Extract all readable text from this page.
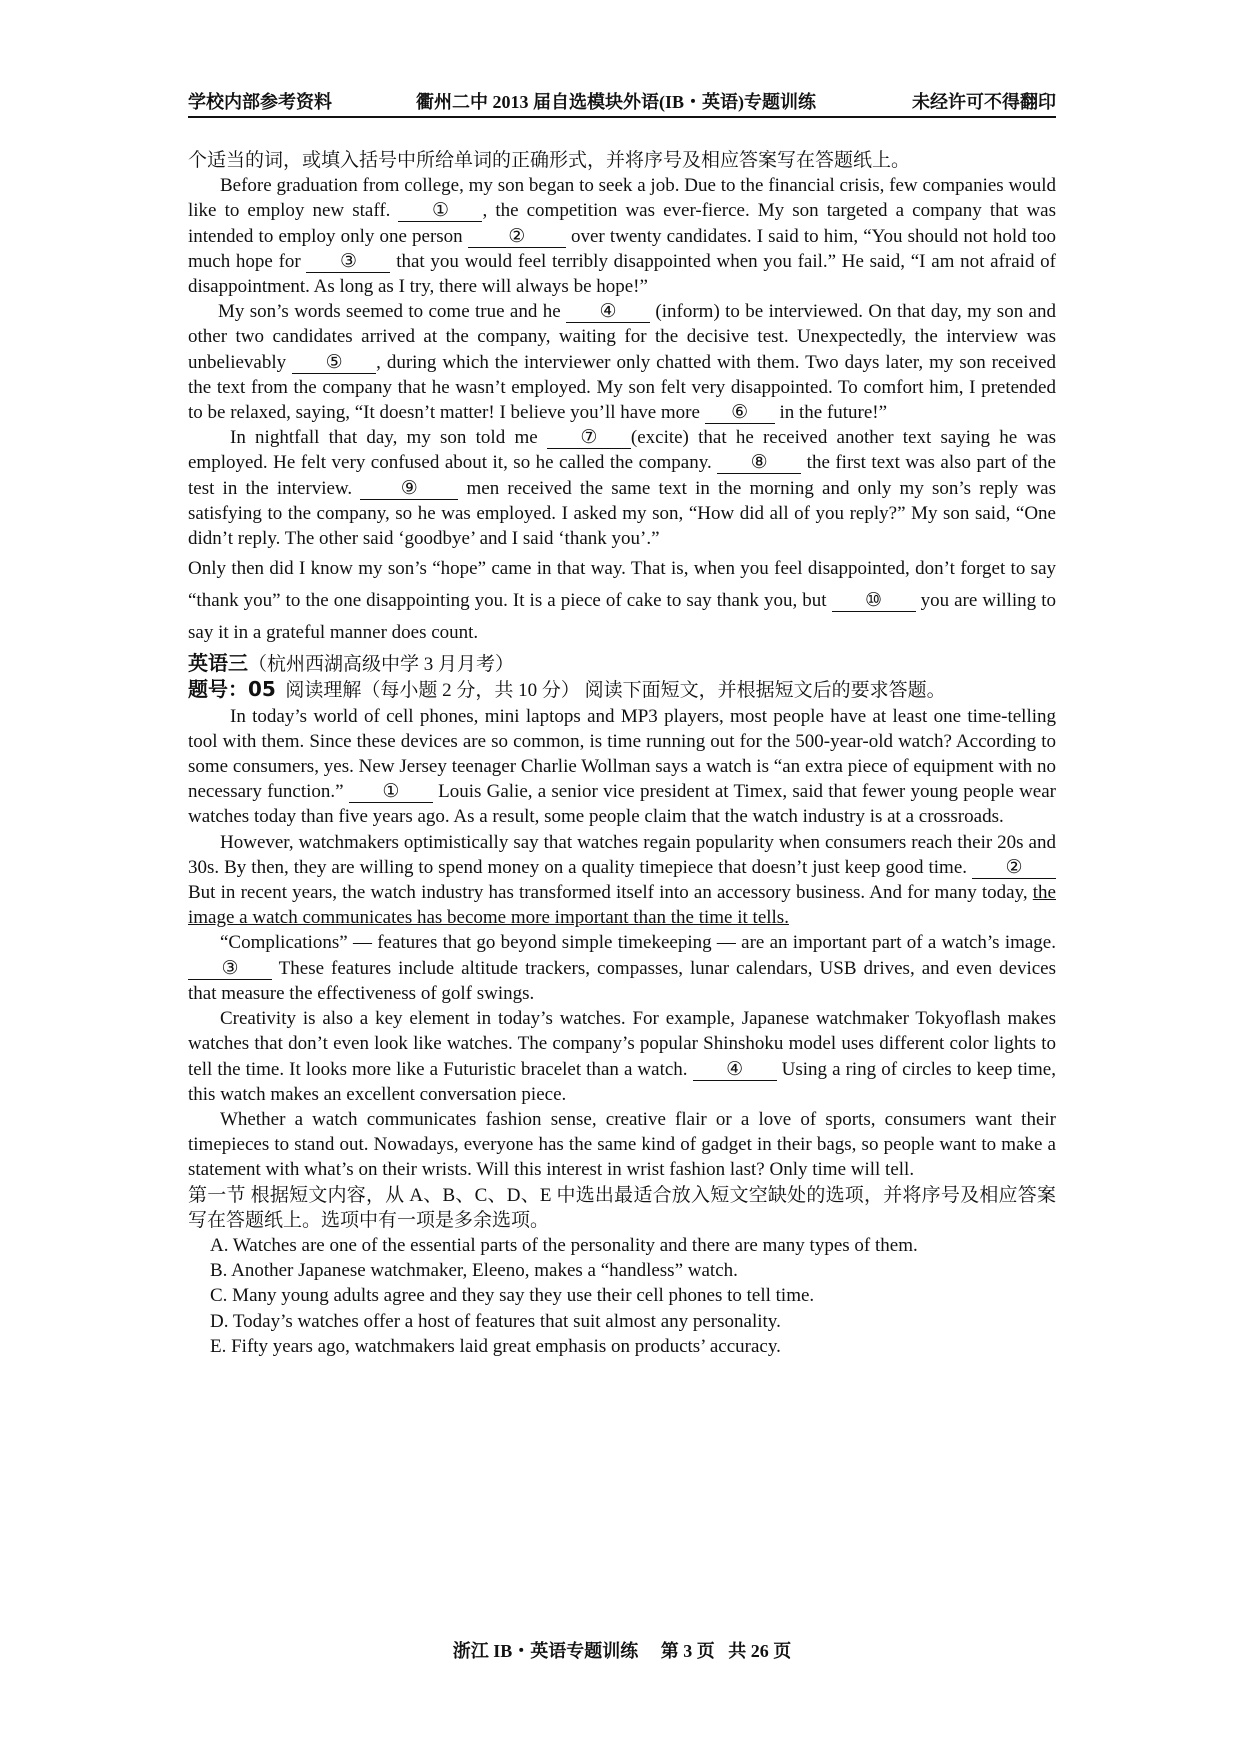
学校内部参考资料	衢州二中 2013 届自选模块外语(IB・英语)专题训练	未经许可不得翻印

个适当的词，或填入括号中所给单词的正确形式，并将序号及相应答案写在答题纸上。

Before graduation from college, my son began to seek a job. Due to the financial crisis, few companies would like to employ new staff. ① , the competition was ever-fierce. My son targeted a company that was intended to employ only one person ② over twenty candidates. I said to him, “You should not hold too much hope for ③ that you would feel terribly disappointed when you fail.” He said, “I am not afraid of disappointment. As long as I try, there will always be hope!”

My son’s words seemed to come true and he ④ (inform) to be interviewed. On that day, my son and other two candidates arrived at the company, waiting for the decisive test. Unexpectedly, the interview was unbelievably ⑤ , during which the interviewer only chatted with them. Two days later, my son received the text from the company that he wasn’t employed. My son felt very disappointed. To comfort him, I pretended to be relaxed, saying, “It doesn’t matter! I believe you’ll have more ⑥ in the future!”

In nightfall that day, my son told me ⑦ (excite) that he received another text saying he was employed. He felt very confused about it, so he called the company. ⑧ the first text was also part of the test in the interview. ⑨ men received the same text in the morning and only my son’s reply was satisfying to the company, so he was employed. I asked my son, “How did all of you reply?” My son said, “One didn’t reply. The other said ‘goodbye’ and I said ‘thank you’.”

Only then did I know my son’s “hope” came in that way. That is, when you feel disappointed, don’t forget to say “thank you” to the one disappointing you. It is a piece of cake to say thank you, but ⑩ you are willing to say it in a grateful manner does count.

英语三（杭州西湖高级中学 3 月月考）

题号：05 阅读理解（每小题 2 分，共 10 分） 阅读下面短文，并根据短文后的要求答题。

In today’s world of cell phones, mini laptops and MP3 players, most people have at least one time-telling tool with them. Since these devices are so common, is time running out for the 500-year-old watch? According to some consumers, yes. New Jersey teenager Charlie Wollman says a watch is “an extra piece of equipment with no necessary function.” ① Louis Galie, a senior vice president at Timex, said that fewer young people wear watches today than five years ago. As a result, some people claim that the watch industry is at a crossroads.

However, watchmakers optimistically say that watches regain popularity when consumers reach their 20s and 30s. By then, they are willing to spend money on a quality timepiece that doesn’t just keep good time. ② But in recent years, the watch industry has transformed itself into an accessory business. And for many today, the image a watch communicates has become more important than the time it tells.

“Complications” — features that go beyond simple timekeeping — are an important part of a watch’s image. ③ These features include altitude trackers, compasses, lunar calendars, USB drives, and even devices that measure the effectiveness of golf swings.

Creativity is also a key element in today’s watches. For example, Japanese watchmaker Tokyoflash makes watches that don’t even look like watches. The company’s popular Shinshoku model uses different color lights to tell the time. It looks more like a Futuristic bracelet than a watch. ④ Using a ring of circles to keep time, this watch makes an excellent conversation piece.

Whether a watch communicates fashion sense, creative flair or a love of sports, consumers want their timepieces to stand out. Nowadays, everyone has the same kind of gadget in their bags, so people want to make a statement with what’s on their wrists. Will this interest in wrist fashion last? Only time will tell.

第一节 根据短文内容，从 A、B、C、D、E 中选出最适合放入短文空缺处的选项，并将序号及相应答案写在答题纸上。选项中有一项是多余选项。

A. Watches are one of the essential parts of the personality and there are many types of them.

B. Another Japanese watchmaker, Eleeno, makes a “handless” watch.

C. Many young adults agree and they say they use their cell phones to tell time.

D. Today’s watches offer a host of features that suit almost any personality.

E. Fifty years ago, watchmakers laid great emphasis on products’ accuracy.

浙江 IB・英语专题训练     第 3 页   共 26 页
